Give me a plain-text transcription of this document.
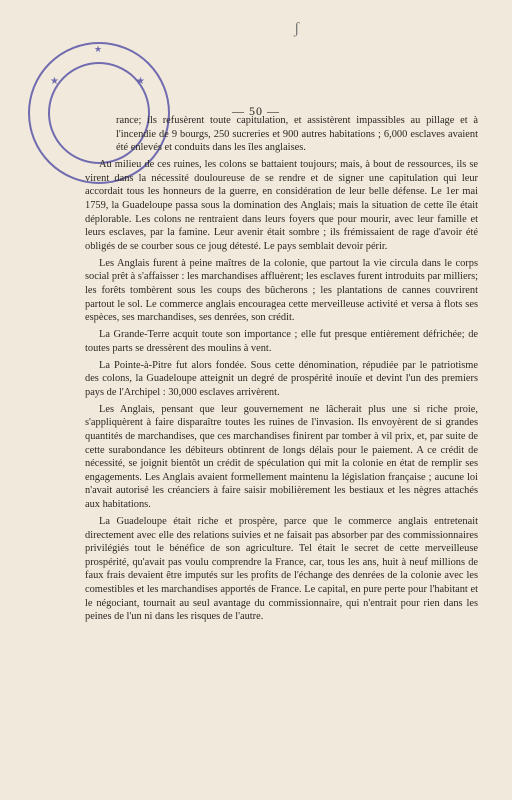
ʃ
★	★
★
— 50 —

rance; ils refusèrent toute capitulation, et assistèrent impassibles au pillage et à l'incendie de 9 bourgs, 250 sucreries et 900 autres habitations ; 6,000 esclaves avaient été enlevés et conduits dans les îles anglaises.

Au milieu de ces ruines, les colons se battaient toujours; mais, à bout de ressources, ils se virent dans la nécessité douloureuse de se rendre et de signer une capitulation qui leur accordait tous les honneurs de la guerre, en considération de leur belle défense. Le 1er mai 1759, la Guadeloupe passa sous la domination des Anglais; mais la situation de cette île était déplorable. Les colons ne rentraient dans leurs foyers que pour mourir, avec leur famille et leurs esclaves, par la famine. Leur avenir était sombre ; ils frémissaient de rage d'avoir été obligés de se courber sous ce joug détesté. Le pays semblait devoir périr.

Les Anglais furent à peine maîtres de la colonie, que partout la vie circula dans le corps social prêt à s'affaisser : les marchandises affluèrent; les esclaves furent introduits par milliers; les forêts tombèrent sous les coups des bûcherons ; les plantations de cannes couvrirent partout le sol. Le commerce anglais encouragea cette merveilleuse activité et versa à flots ses espèces, ses marchandises, ses denrées, son crédit.

La Grande-Terre acquit toute son importance ; elle fut presque entièrement défrichée; de toutes parts se dressèrent des moulins à vent.

La Pointe-à-Pitre fut alors fondée. Sous cette dénomination, répudiée par le patriotisme des colons, la Guadeloupe atteignit un degré de prospérité inouïe et devint l'un des premiers pays de l'Archipel : 30,000 esclaves arrivèrent.

Les Anglais, pensant que leur gouvernement ne lâcherait plus une si riche proie, s'appliquèrent à faire disparaître toutes les ruines de l'invasion. Ils envoyèrent de si grandes quantités de marchandises, que ces marchandises finirent par tomber à vil prix, et, par suite de cette surabondance les débiteurs obtinrent de longs délais pour le paiement. A ce crédit de nécessité, se joignit bientôt un crédit de spéculation qui mit la colonie en état de remplir ses engagements. Les Anglais avaient formellement maintenu la législation française ; aucune loi n'avait autorisé les créanciers à faire saisir mobilièrement les bestiaux et les nègres attachés aux habitations.

La Guadeloupe était riche et prospère, parce que le commerce anglais entretenait directement avec elle des relations suivies et ne faisait pas absorber par des commissionnaires privilégiés tout le bénéfice de son agriculture. Tel était le secret de cette merveilleuse prospérité, qu'avait pas voulu comprendre la France, car, tous les ans, huit à neuf millions de faux frais devaient être imputés sur les profits de l'échange des denrées de la colonie avec les comestibles et les marchandises apportés de France. Le capital, en pure perte pour l'habitant et le négociant, tournait au seul avantage du commissionnaire, qui n'entrait pour rien dans les peines de l'un ni dans les risques de l'autre.
